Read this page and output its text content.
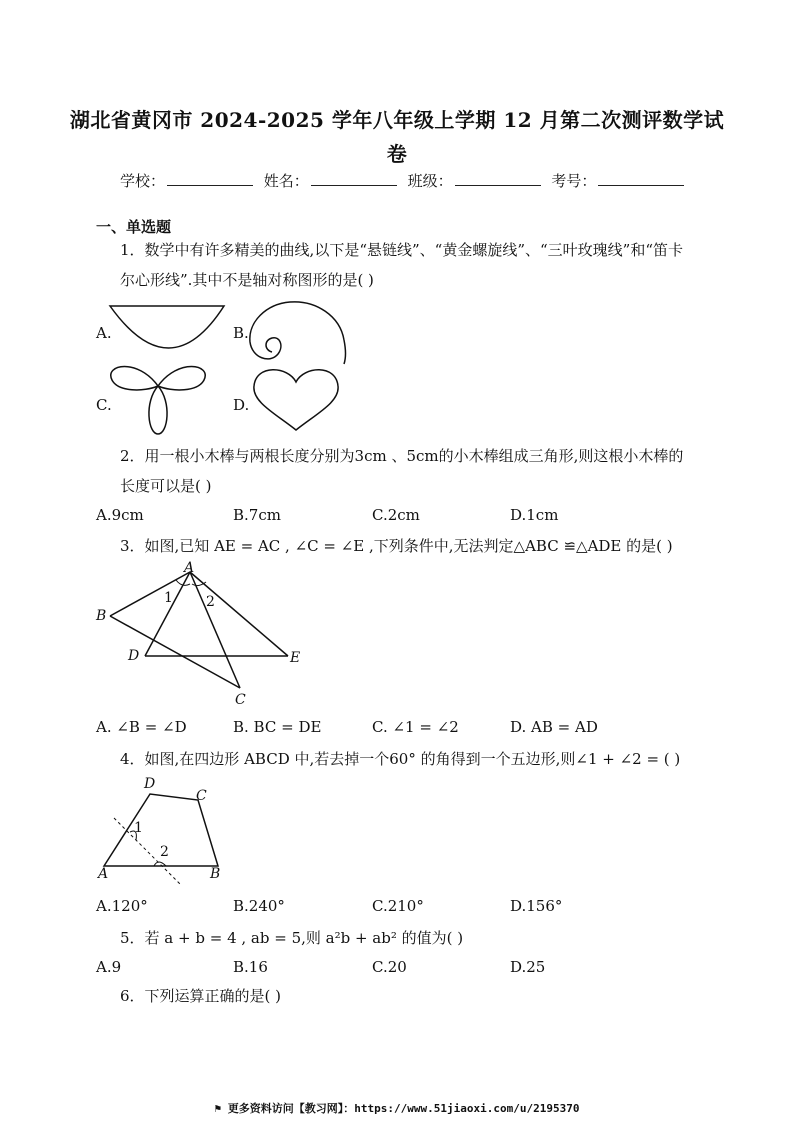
湖北省黄冈市 2024-2025 学年八年级上学期 12 月第二次测评数学试
卷
学校：	姓名：	班级：	考号：
一、单选题
1．数学中有许多精美的曲线,以下是“悬链线”、“黄金螺旋线”、“三叶玫瑰线”和“笛卡
尔心形线”.其中不是轴对称图形的是( )
A.	B.
C.	D.
2．用一根小木棒与两根长度分别为3cm 、5cm的小木棒组成三角形,则这根小木棒的
长度可以是( )
A.9cm	B.7cm	C.2cm	D.1cm
3．如图,已知 AE = AC , ∠C = ∠E ,下列条件中,无法判定△ABC ≌△ADE 的是( )
A
B
D	E
C
1 2
A. ∠B = ∠D	B. BC = DE	C. ∠1 = ∠2	D. AB = AD
4．如图,在四边形 ABCD 中,若去掉一个60° 的角得到一个五边形,则∠1 + ∠2 = ( )
D
C
A	B
1
2
A.120°	B.240°	C.210°	D.156°
5．若 a + b = 4 , ab = 5,则 a²b + ab² 的值为( )
A.9	B.16	C.20	D.25
6．下列运算正确的是( )
⚑ 更多资料访问【教习网】：https://www.51jiaoxi.com/u/2195370
